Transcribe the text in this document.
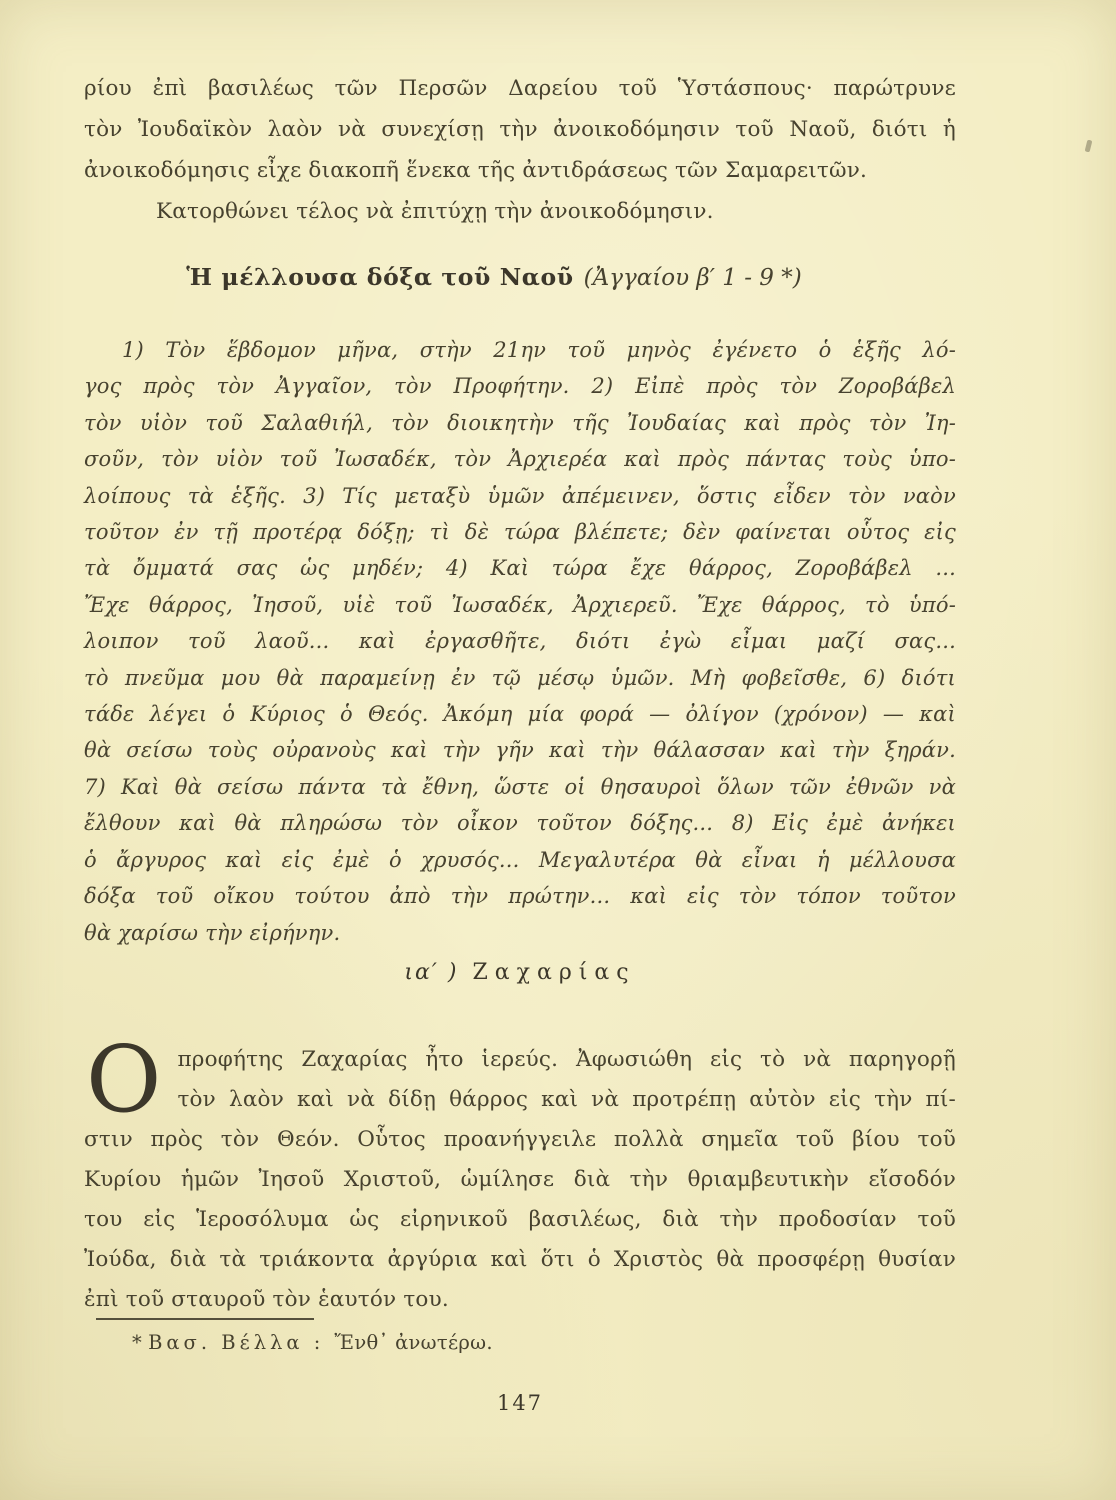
ρίου ἐπὶ βασιλέως τῶν Περσῶν Δαρείου τοῦ Ὑστάσπους· παρώτρυνε
τὸν Ἰουδαϊκὸν λαὸν νὰ συνεχίσῃ τὴν ἀνοικοδόμησιν τοῦ Ναοῦ, διότι ἡ
ἀνοικοδόμησις εἶχε διακοπῆ ἕνεκα τῆς ἀντιδράσεως τῶν Σαμαρειτῶν.
Κατορθώνει τέλος νὰ ἐπιτύχῃ τὴν ἀνοικοδόμησιν.
Ἡ μέλλουσα δόξα τοῦ Ναοῦ (Ἀγγαίου β′ 1 - 9 *)
1) Τὸν ἕβδομον μῆνα, στὴν 21ην τοῦ μηνὸς ἐγένετο ὁ ἑξῆς λό-
γος πρὸς τὸν Ἀγγαῖον, τὸν Προφήτην. 2) Εἰπὲ πρὸς τὸν Ζοροβάβελ
τὸν υἱὸν τοῦ Σαλαθιήλ, τὸν διοικητὴν τῆς Ἰουδαίας καὶ πρὸς τὸν Ἰη-
σοῦν, τὸν υἱὸν τοῦ Ἰωσαδέκ, τὸν Ἀρχιερέα καὶ πρὸς πάντας τοὺς ὑπο-
λοίπους τὰ ἑξῆς. 3) Τίς μεταξὺ ὑμῶν ἀπέμεινεν, ὅστις εἶδεν τὸν ναὸν
τοῦτον ἐν τῇ προτέρᾳ δόξῃ; τὶ δὲ τώρα βλέπετε; δὲν φαίνεται οὗτος εἰς
τὰ ὄμματά σας ὡς μηδέν; 4) Καὶ τώρα ἔχε θάρρος, Ζοροβάβελ ...
Ἔχε θάρρος, Ἰησοῦ, υἱὲ τοῦ Ἰωσαδέκ, Ἀρχιερεῦ. Ἔχε θάρρος, τὸ ὑπό-
λοιπον τοῦ λαοῦ... καὶ ἐργασθῆτε, διότι ἐγὼ εἶμαι μαζί σας...
τὸ πνεῦμα μου θὰ παραμείνῃ ἐν τῷ μέσῳ ὑμῶν. Μὴ φοβεῖσθε, 6) διότι
τάδε λέγει ὁ Κύριος ὁ Θεός. Ἀκόμη μία φορά — ὀλίγον (χρόνον) — καὶ
θὰ σείσω τοὺς οὐρανοὺς καὶ τὴν γῆν καὶ τὴν θάλασσαν καὶ τὴν ξηράν.
7) Καὶ θὰ σείσω πάντα τὰ ἔθνη, ὥστε οἱ θησαυροὶ ὅλων τῶν ἐθνῶν νὰ
ἔλθουν καὶ θὰ πληρώσω τὸν οἶκον τοῦτον δόξης... 8) Εἰς ἐμὲ ἀνήκει
ὁ ἄργυρος καὶ εἰς ἐμὲ ὁ χρυσός... Μεγαλυτέρα θὰ εἶναι ἡ μέλλουσα
δόξα τοῦ οἴκου τούτου ἀπὸ τὴν πρώτην... καὶ εἰς τὸν τόπον τοῦτον
θὰ χαρίσω τὴν εἰρήνην.
ια′ ) Ζαχαρίας
Ο προφήτης Ζαχαρίας ἦτο ἱερεύς. Ἀφωσιώθη εἰς τὸ νὰ παρηγορῇ
τὸν λαὸν καὶ νὰ δίδῃ θάρρος καὶ νὰ προτρέπῃ αὐτὸν εἰς τὴν πί-
στιν πρὸς τὸν Θεόν. Οὗτος προανήγγειλε πολλὰ σημεῖα τοῦ βίου τοῦ
Κυρίου ἡμῶν Ἰησοῦ Χριστοῦ, ὡμίλησε διὰ τὴν θριαμβευτικὴν εἴσοδόν
του εἰς Ἱεροσόλυμα ὡς εἰρηνικοῦ βασιλέως, διὰ τὴν προδοσίαν τοῦ
Ἰούδα, διὰ τὰ τριάκοντα ἀργύρια καὶ ὅτι ὁ Χριστὸς θὰ προσφέρῃ θυσίαν
ἐπὶ τοῦ σταυροῦ τὸν ἑαυτόν του.
* Βασ. Βέλλα : Ἔνθ᾽ ἀνωτέρω.
147
